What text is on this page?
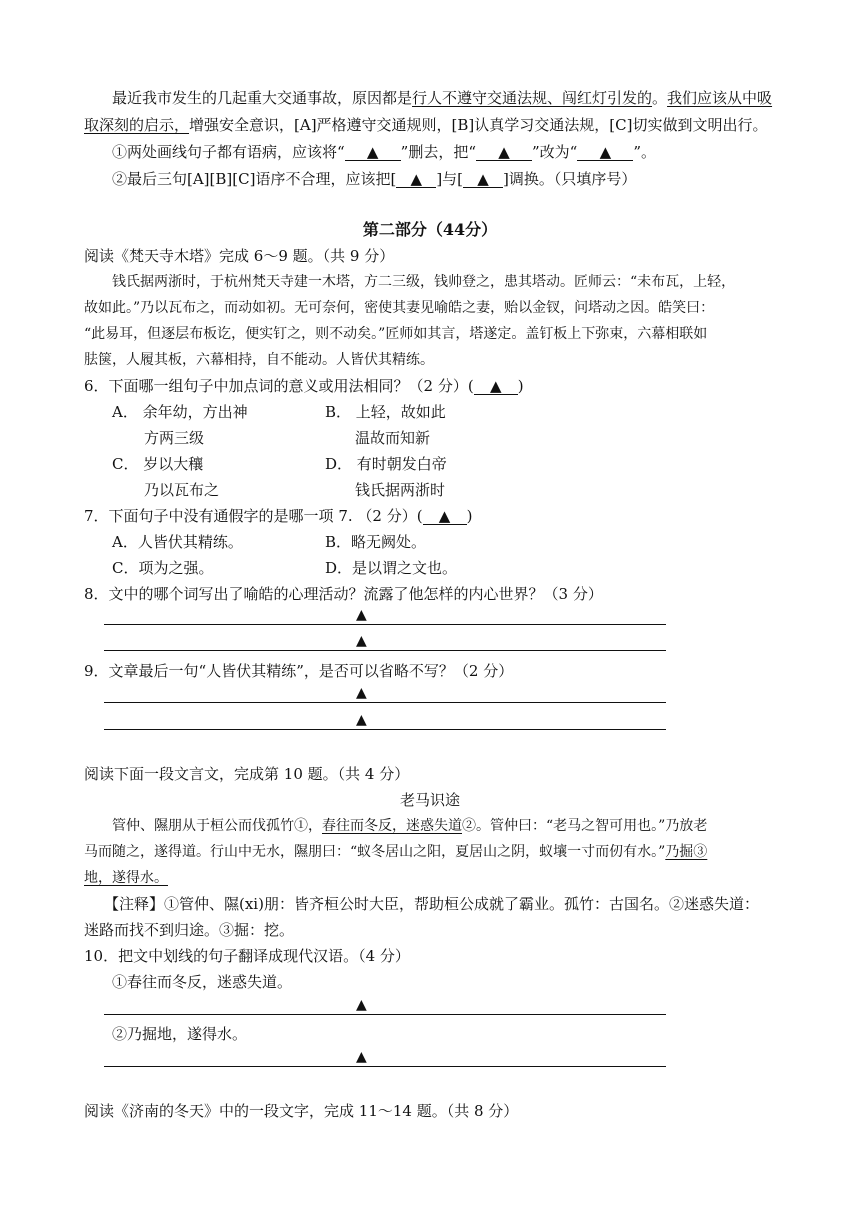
最近我市发生的几起重大交通事故，原因都是行人不遵守交通法规、闯红灯引发的。我们应该从中吸
取深刻的启示，增强安全意识，[A]严格遵守交通规则，[B]认真学习交通法规，[C]切实做到文明出行。
①两处画线句子都有语病，应该将“ ▲ ”删去，把“ ▲ ”改为“ ▲ ”。
②最后三句[A][B][C]语序不合理，应该把[ ▲ ]与[ ▲ ]调换。（只填序号）
第二部分（44分）
阅读《梵天寺木塔》完成 6～9 题。（共 9 分）
钱氏据两浙时，于杭州梵天寺建一木塔，方二三级，钱帅登之，患其塔动。匠师云：“未布瓦，上轻，
故如此。”乃以瓦布之，而动如初。无可奈何，密使其妻见喻皓之妻，贻以金钗，问塔动之因。皓笑曰：
“此易耳，但逐层布板讫，便实钉之，则不动矣。”匠师如其言，塔遂定。盖钉板上下弥束，六幕相联如
胠箧，人履其板，六幕相持，自不能动。人皆伏其精练。
6．下面哪一组句子中加点词的意义或用法相同？（2 分）( ▲ )
A． 余年幼，方出神	B． 上轻，故如此
方两三级	温故而知新
C． 岁以大穰	D． 有时朝发白帝
乃以瓦布之	钱氏据两浙时
7．下面句子中没有通假字的是哪一项 7. （2 分）( ▲ )
A．人皆伏其精练。	B．略无阙处。
C．项为之强。	D．是以谓之文也。
8．文中的哪个词写出了喻皓的心理活动？流露了他怎样的内心世界？（3 分）
▲
▲
9．文章最后一句“人皆伏其精练”，是否可以省略不写？（2 分）
▲
▲
阅读下面一段文言文，完成第 10 题。（共 4 分）
老马识途
管仲、隰朋从于桓公而伐孤竹①，春往而冬反，迷惑失道②。管仲曰：“老马之智可用也。”乃放老
马而随之，遂得道。行山中无水，隰朋曰：“蚁冬居山之阳，夏居山之阴，蚁壤一寸而仞有水。”乃掘③
地，遂得水。
【注释】①管仲、隰(xi)朋：皆齐桓公时大臣，帮助桓公成就了霸业。孤竹：古国名。②迷惑失道：
迷路而找不到归途。③掘：挖。
10．把文中划线的句子翻译成现代汉语。（4 分）
①春往而冬反，迷惑失道。
▲
②乃掘地，遂得水。
▲
阅读《济南的冬天》中的一段文字，完成 11～14 题。（共 8 分）
